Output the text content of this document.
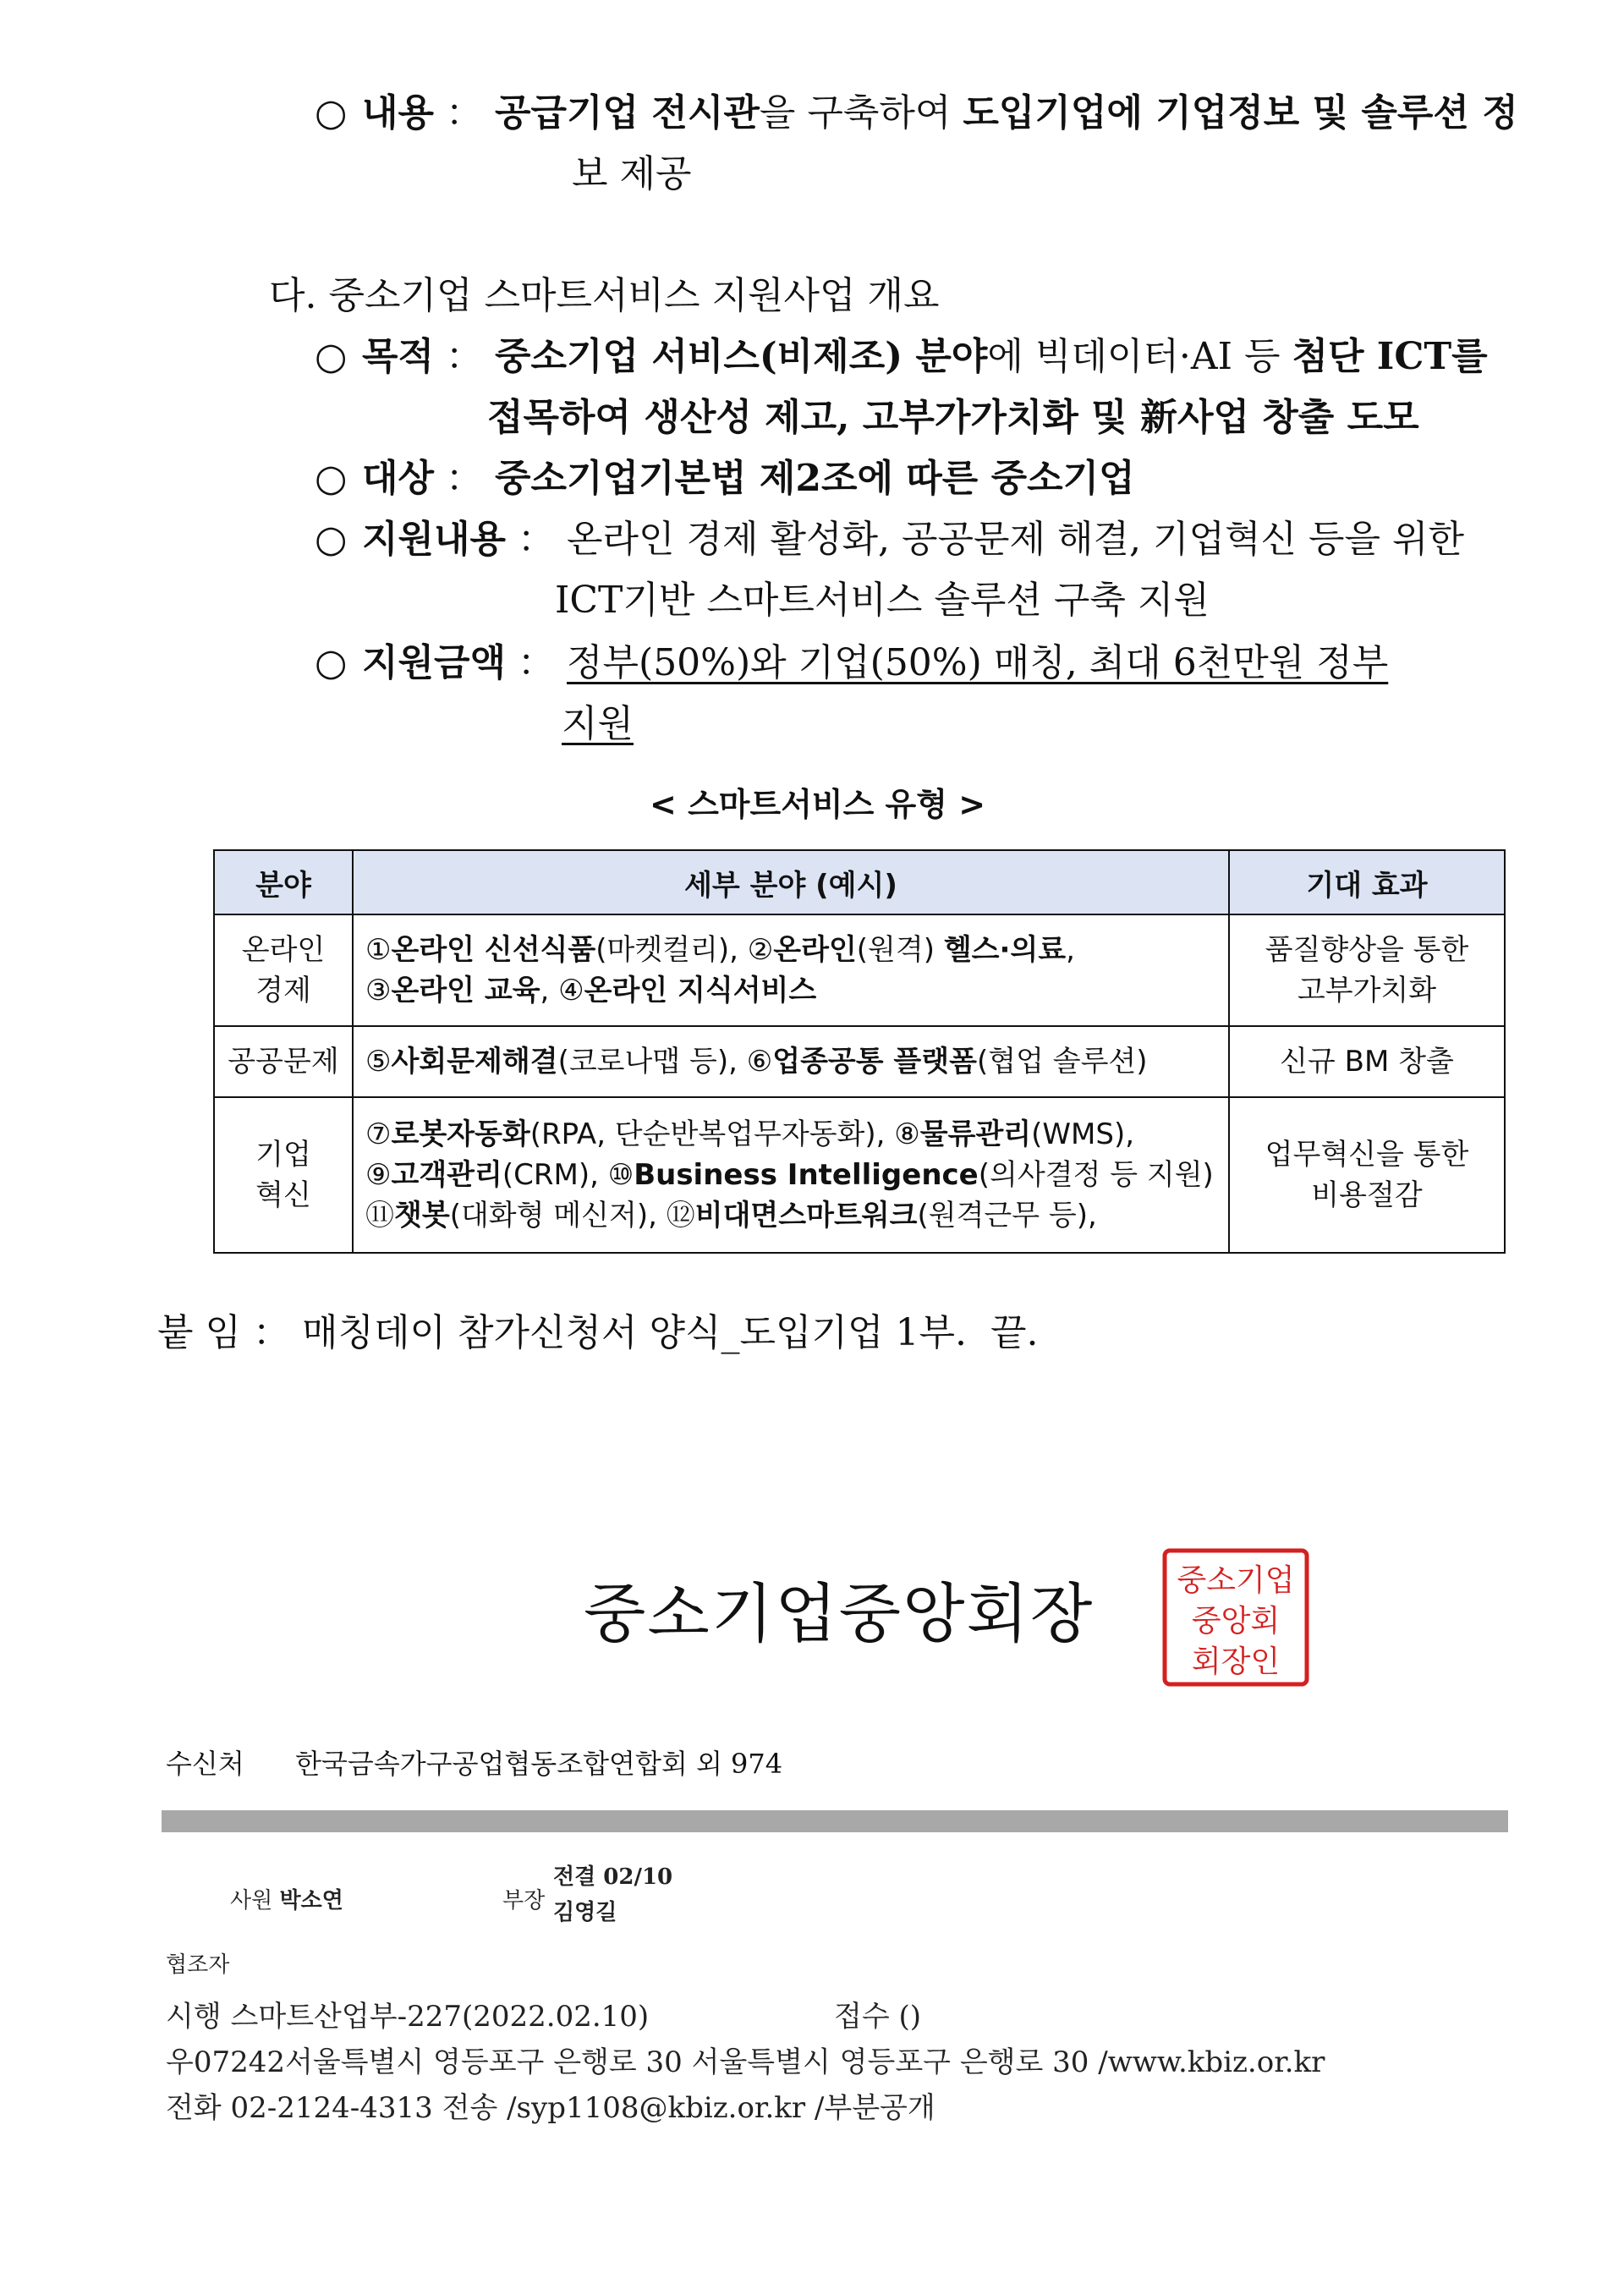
○ 내용 ： 공급기업 전시관을 구축하여 도입기업에 기업정보 및 솔루션 정
보 제공
다. 중소기업 스마트서비스 지원사업 개요
○ 목적 ： 중소기업 서비스(비제조) 분야에 빅데이터·AI 등 첨단 ICT를
접목하여 생산성 제고, 고부가가치화 및 新사업 창출 도모
○ 대상 ： 중소기업기본법 제2조에 따른 중소기업
○ 지원내용 ： 온라인 경제 활성화, 공공문제 해결, 기업혁신 등을 위한
ICT기반 스마트서비스 솔루션 구축 지원
○ 지원금액 ： 정부(50%)와 기업(50%) 매칭, 최대 6천만원 정부
지원
< 스마트서비스 유형 >
분야	세부 분야 (예시)	기대 효과

온라인
경제	①온라인 신선식품(마켓컬리), ②온라인(원격) 헬스·의료,
③온라인 교육, ④온라인 지식서비스	품질향상을 통한
고부가치화

공공문제	⑤사회문제해결(코로나맵 등), ⑥업종공통 플랫폼(협업 솔루션)	신규 BM 창출

기업
혁신	⑦로봇자동화(RPA, 단순반복업무자동화), ⑧물류관리(WMS),
⑨고객관리(CRM), ⑩Business Intelligence(의사결정 등 지원)
⑪챗봇(대화형 메신저), ⑫비대면스마트워크(원격근무 등),	업무혁신을 통한
비용절감
붙 임 ： 매칭데이 참가신청서 양식_도입기업 1부. 끝.
중소기업중앙회장	중소기업
중앙회
회장인
수신처 한국금속가구공업협동조합연합회 외 974
사원 박소연	부장
전결 02/10
김영길
협조자
시행 스마트산업부-227(2022.02.10)	접수 ()
우07242서울특별시 영등포구 은행로 30 서울특별시 영등포구 은행로 30 /www.kbiz.or.kr
전화 02-2124-4313 전송 /syp1108@kbiz.or.kr /부분공개
